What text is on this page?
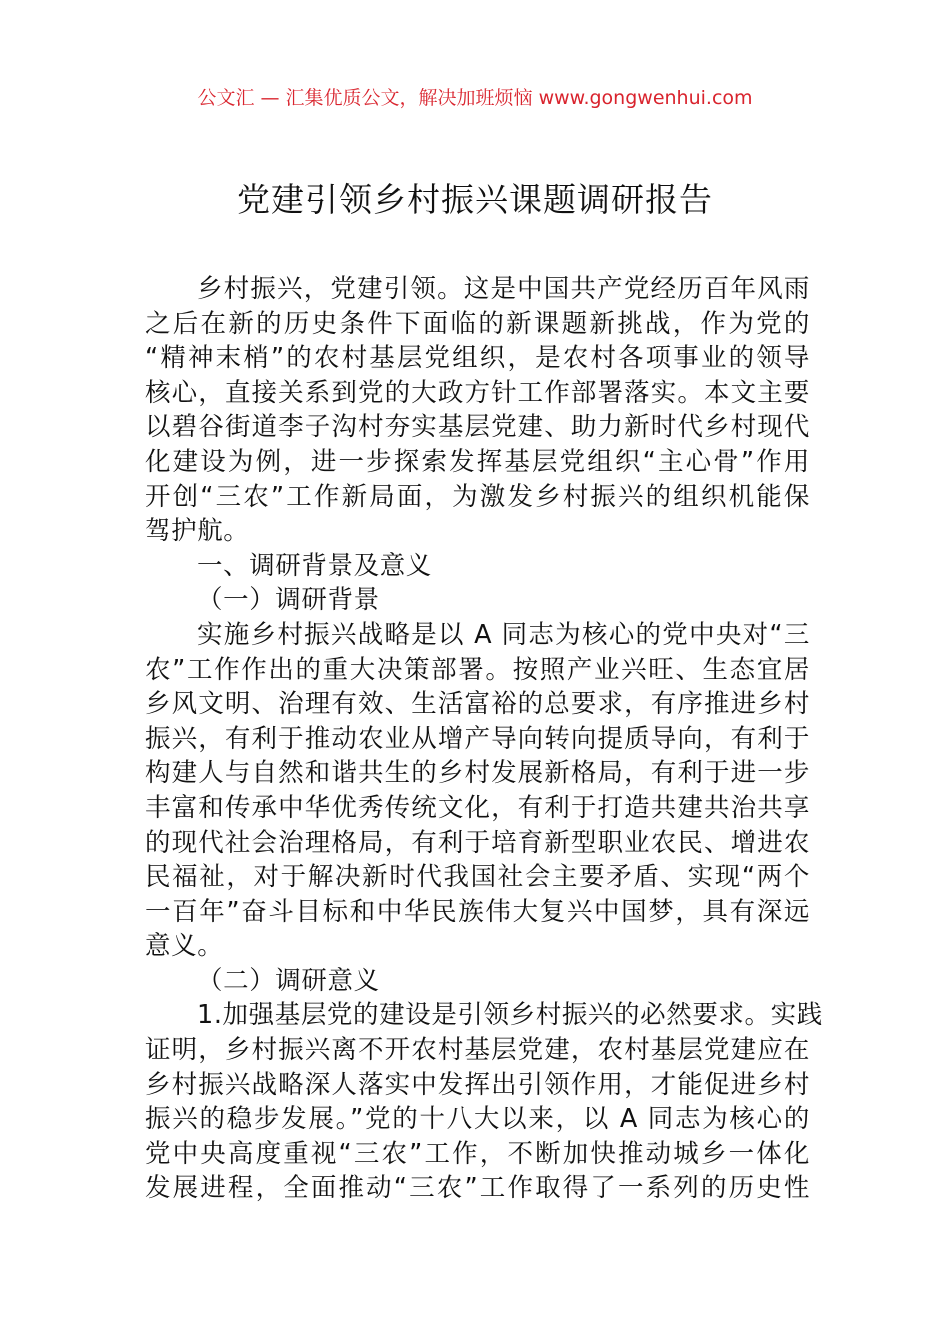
公文汇 — 汇集优质公文，解决加班烦恼 www.gongwenhui.com
党建引领乡村振兴课题调研报告
乡村振兴，党建引领。这是中国共产党经历百年风雨
之后在新的历史条件下面临的新课题新挑战，作为党的
“精神末梢”的农村基层党组织，是农村各项事业的领导
核心，直接关系到党的大政方针工作部署落实。本文主要
以碧谷街道李子沟村夯实基层党建、助力新时代乡村现代
化建设为例，进一步探索发挥基层党组织“主心骨”作用
开创“三农”工作新局面，为激发乡村振兴的组织机能保
驾护航。
一、调研背景及意义
（一）调研背景
实施乡村振兴战略是以 A 同志为核心的党中央对“三
农”工作作出的重大决策部署。按照产业兴旺、生态宜居
乡风文明、治理有效、生活富裕的总要求，有序推进乡村
振兴，有利于推动农业从增产导向转向提质导向，有利于
构建人与自然和谐共生的乡村发展新格局，有利于进一步
丰富和传承中华优秀传统文化，有利于打造共建共治共享
的现代社会治理格局，有利于培育新型职业农民、增进农
民福祉，对于解决新时代我国社会主要矛盾、实现“两个
一百年”奋斗目标和中华民族伟大复兴中国梦，具有深远
意义。
（二）调研意义
1.加强基层党的建设是引领乡村振兴的必然要求。实践
证明，乡村振兴离不开农村基层党建，农村基层党建应在
乡村振兴战略深人落实中发挥出引领作用，才能促进乡村
振兴的稳步发展。”党的十八大以来，以 A 同志为核心的
党中央高度重视“三农”工作，不断加快推动城乡一体化
发展进程，全面推动“三农”工作取得了一系列的历史性
